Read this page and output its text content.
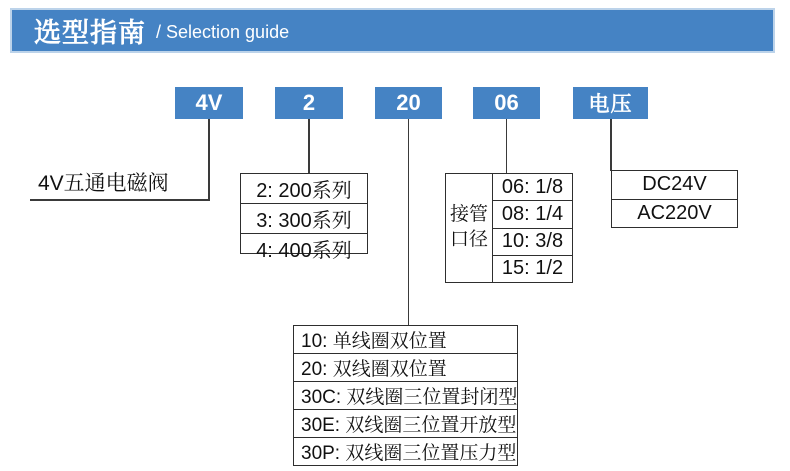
选型指南 / Selection guide
4V	2	20	06	电压
4V五通电磁阀	2: 200系列
3: 300系列
4: 400系列
接管口径
06: 1/8
08: 1/4
10: 3/8
15: 1/2
DC24V
AC220V
10: 单线圈双位置
20: 双线圈双位置
30C: 双线圈三位置封闭型
30E: 双线圈三位置开放型
30P: 双线圈三位置压力型
